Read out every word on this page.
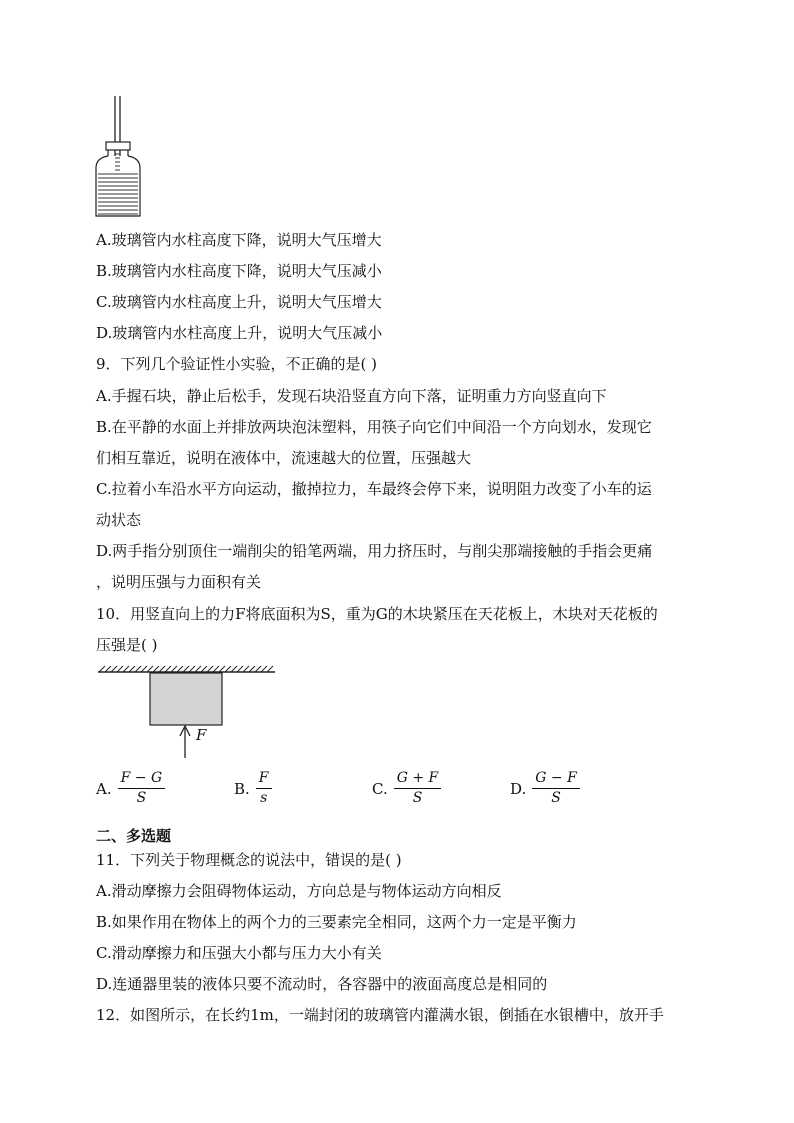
A.玻璃管内水柱高度下降，说明大气压增大
B.玻璃管内水柱高度下降，说明大气压减小
C.玻璃管内水柱高度上升，说明大气压增大
D.玻璃管内水柱高度上升，说明大气压减小
9．下列几个验证性小实验，不正确的是( )
A.手握石块，静止后松手，发现石块沿竖直方向下落，证明重力方向竖直向下
B.在平静的水面上并排放两块泡沫塑料，用筷子向它们中间沿一个方向划水，发现它
们相互靠近，说明在液体中，流速越大的位置，压强越大
C.拉着小车沿水平方向运动，撤掉拉力，车最终会停下来，说明阻力改变了小车的运
动状态
D.两手指分别顶住一端削尖的铅笔两端，用力挤压时，与削尖那端接触的手指会更痛
，说明压强与力面积有关
10．用竖直向上的力F将底面积为S，重为G的木块紧压在天花板上，木块对天花板的
压强是( )
F
A. $\frac{F - G}{S}$	B. $\frac{F}{s}$	C. $\frac{G + F}{S}$	D. $\frac{G - F}{S}$
二、多选题
11．下列关于物理概念的说法中，错误的是( )
A.滑动摩擦力会阻碍物体运动，方向总是与物体运动方向相反
B.如果作用在物体上的两个力的三要素完全相同，这两个力一定是平衡力
C.滑动摩擦力和压强大小都与压力大小有关
D.连通器里装的液体只要不流动时，各容器中的液面高度总是相同的
12．如图所示，在长约1m，一端封闭的玻璃管内灌满水银，倒插在水银槽中，放开手
